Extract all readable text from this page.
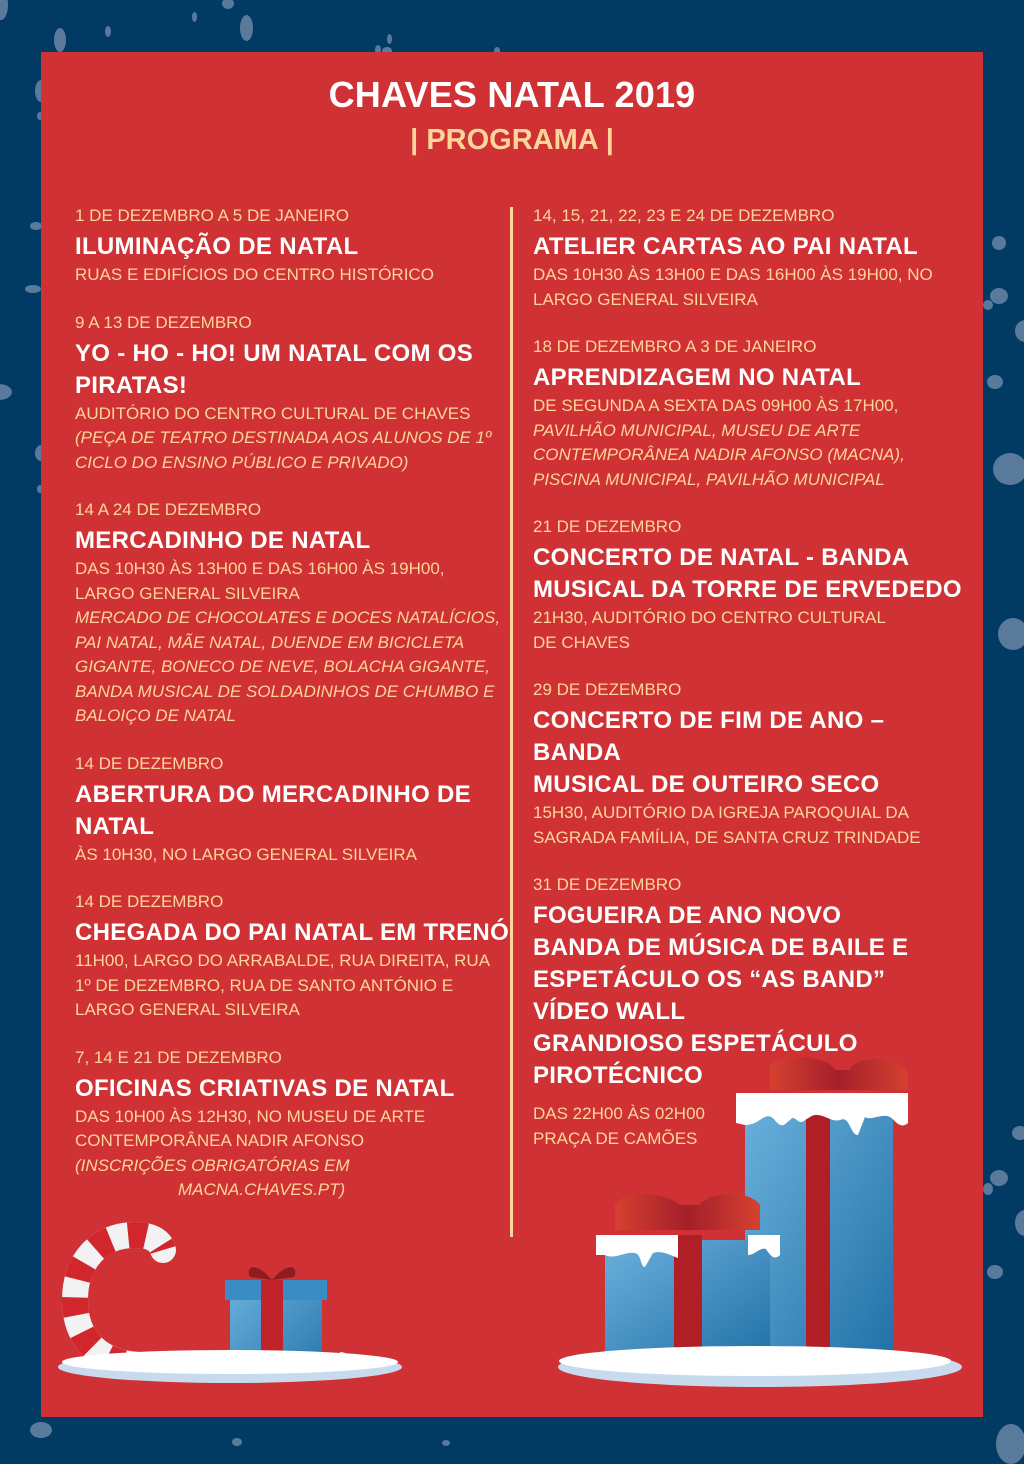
CHAVES NATAL 2019
| PROGRAMA |
1 DE DEZEMBRO A 5 DE JANEIRO
ILUMINAÇÃO DE NATAL
RUAS E EDIFÍCIOS DO CENTRO HISTÓRICO
9 A 13 DE DEZEMBRO
YO - HO - HO! UM NATAL COM OS
PIRATAS!
AUDITÓRIO DO CENTRO CULTURAL DE CHAVES
(PEÇA DE TEATRO DESTINADA AOS ALUNOS DE 1º
CICLO DO ENSINO PÚBLICO E PRIVADO)
14 A 24 DE DEZEMBRO
MERCADINHO DE NATAL
DAS 10H30 ÀS 13H00 E DAS 16H00 ÀS 19H00,
LARGO GENERAL SILVEIRA
MERCADO DE CHOCOLATES E DOCES NATALÍCIOS,
PAI NATAL, MÃE NATAL, DUENDE EM BICICLETA
GIGANTE, BONECO DE NEVE, BOLACHA GIGANTE,
BANDA MUSICAL DE SOLDADINHOS DE CHUMBO E
BALOIÇO DE NATAL
14 DE DEZEMBRO
ABERTURA DO MERCADINHO DE
NATAL
ÀS 10H30, NO LARGO GENERAL SILVEIRA
14 DE DEZEMBRO
CHEGADA DO PAI NATAL EM TRENÓ
11H00, LARGO DO ARRABALDE, RUA DIREITA, RUA
1º DE DEZEMBRO, RUA DE SANTO ANTÓNIO E
LARGO GENERAL SILVEIRA
7, 14 E 21 DE DEZEMBRO
OFICINAS CRIATIVAS DE NATAL
DAS 10H00 ÀS 12H30, NO MUSEU DE ARTE
CONTEMPORÂNEA NADIR AFONSO
(INSCRIÇÕES OBRIGATÓRIAS EM
MACNA.CHAVES.PT)
14, 15, 21, 22, 23 E 24 DE DEZEMBRO
ATELIER CARTAS AO PAI NATAL
DAS 10H30 ÀS 13H00 E DAS 16H00 ÀS 19H00, NO
LARGO GENERAL SILVEIRA
18 DE DEZEMBRO A 3 DE JANEIRO
APRENDIZAGEM NO NATAL
DE SEGUNDA A SEXTA DAS 09H00 ÀS 17H00,
PAVILHÃO MUNICIPAL, MUSEU DE ARTE
CONTEMPORÂNEA NADIR AFONSO (MACNA),
PISCINA MUNICIPAL, PAVILHÃO MUNICIPAL
21 DE DEZEMBRO
CONCERTO DE NATAL - BANDA
MUSICAL DA TORRE DE ERVEDEDO
21H30, AUDITÓRIO DO CENTRO CULTURAL
DE CHAVES
29 DE DEZEMBRO
CONCERTO DE FIM DE ANO – BANDA
MUSICAL DE OUTEIRO SECO
15H30, AUDITÓRIO DA IGREJA PAROQUIAL DA
SAGRADA FAMÍLIA, DE SANTA CRUZ TRINDADE
31 DE DEZEMBRO
FOGUEIRA DE ANO NOVO
BANDA DE MÚSICA DE BAILE E
ESPETÁCULO OS “AS BAND”
VÍDEO WALL
GRANDIOSO ESPETÁCULO
PIROTÉCNICO
DAS 22H00 ÀS 02H00
PRAÇA DE CAMÕES
